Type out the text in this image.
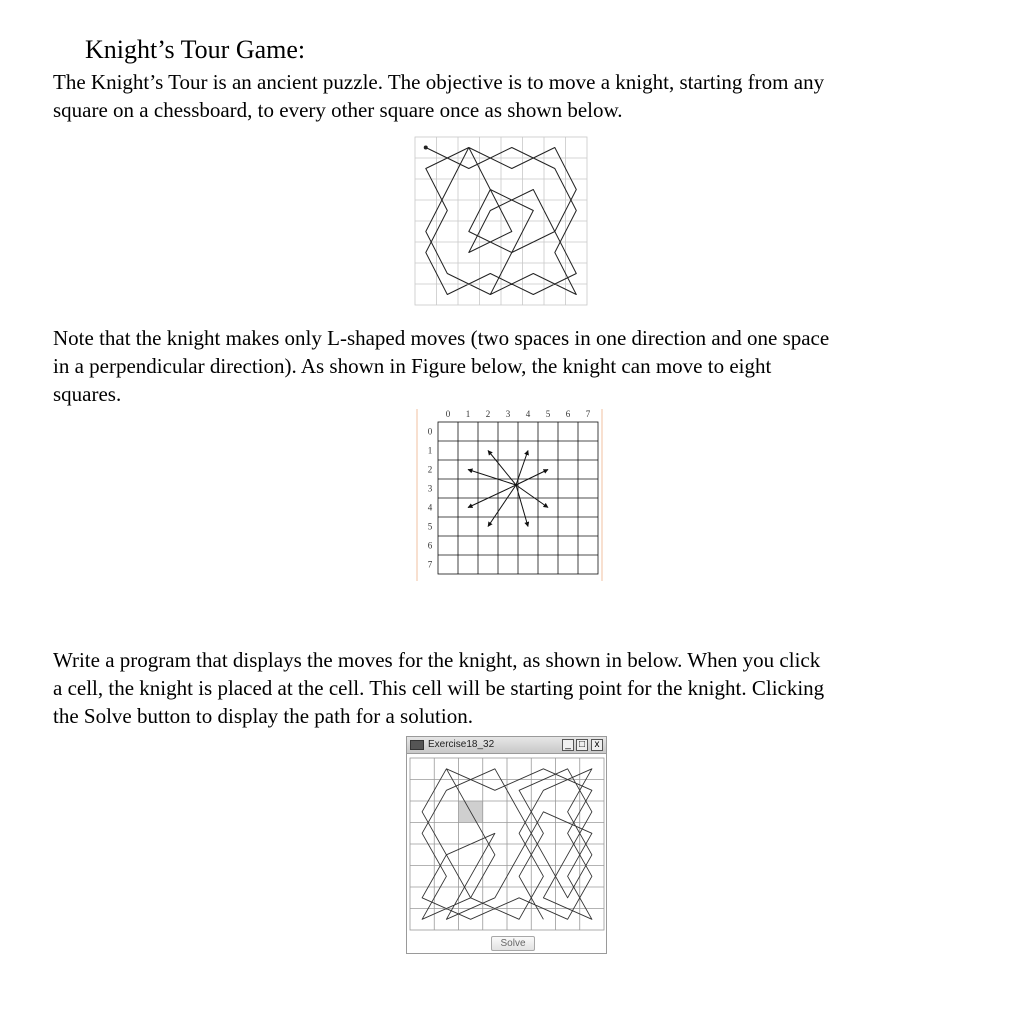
Knight’s Tour Game:
The Knight’s Tour is an ancient puzzle. The objective is to move a knight, starting from any
square on a chessboard, to every other square once as shown below.
Note that the knight makes only L-shaped moves (two spaces in one direction and one space
in a perpendicular direction). As shown in Figure below, the knight can move to eight
squares.
0 1 2 3 4 5 6 7
0
1
2
3
4
5
6
7
Write a program that displays the moves for the knight, as shown in below. When you click
a cell, the knight is placed at the cell. This cell will be starting point for the knight. Clicking
the Solve button to display the path for a solution.
Exercise18_32	_ □ x
Solve
